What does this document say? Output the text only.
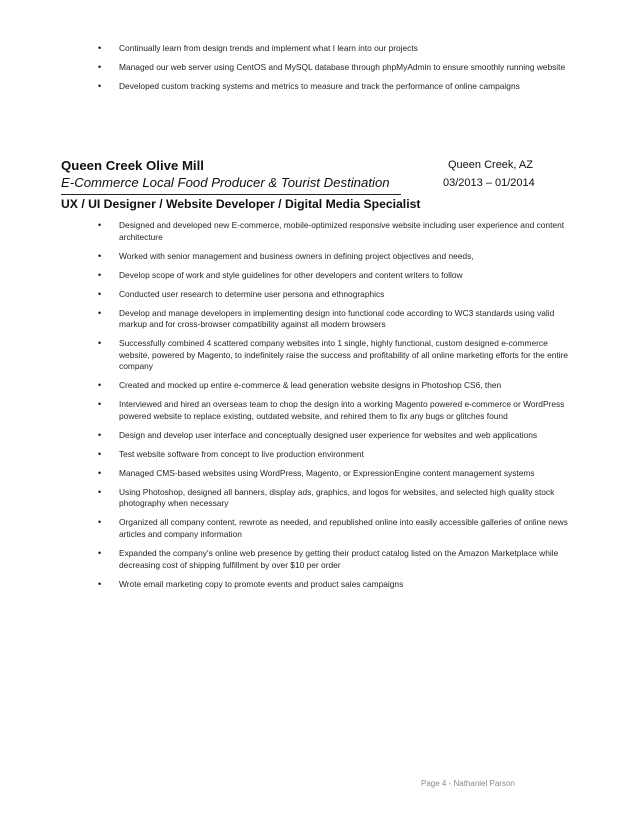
• Continually learn from design trends and implement what I learn into our projects
• Managed our web server using CentOS and MySQL database through phpMyAdmin to ensure smoothly running website
• Developed custom tracking systems and metrics to measure and track the performance of online campaigns
Queen Creek Olive Mill	Queen Creek, AZ
E-Commerce Local Food Producer & Tourist Destination	03/2013 – 01/2014
UX / UI Designer / Website Developer / Digital Media Specialist
• Designed and developed new E-commerce, mobile-optimized responsive website including user experience and content architecture
• Worked with senior management and business owners in defining project objectives and needs,
• Develop scope of work and style guidelines for other developers and content writers to follow
• Conducted user research to determine user persona and ethnographics
• Develop and manage developers in implementing design into functional code according to WC3 standards using valid markup and for cross-browser compatibility against all modern browsers
• Successfully combined 4 scattered company websites into 1 single, highly functional, custom designed e-commerce website, powered by Magento, to indefinitely raise the success and profitability of all online marketing efforts for the entire company
• Created and mocked up entire e-commerce & lead generation website designs in Photoshop CS6, then
• Interviewed and hired an overseas team to chop the design into a working Magento powered e-commerce or WordPress powered website to replace existing, outdated website, and rehired them to fix any bugs or glitches found
• Design and develop user interface and conceptually designed user experience for websites and web applications
• Test website software from concept to live production environment
• Managed CMS-based websites using WordPress, Magento, or ExpressionEngine content management systems
• Using Photoshop, designed all banners, display ads, graphics, and logos for websites, and selected high quality stock photography when necessary
• Organized all company content, rewrote as needed, and republished online into easily accessible galleries of online news articles and company information
• Expanded the company's online web presence by getting their product catalog listed on the Amazon Marketplace while decreasing cost of shipping fulfillment by over $10 per order
• Wrote email marketing copy to promote events and product sales campaigns
Page 4 - Nathaniel Parson
